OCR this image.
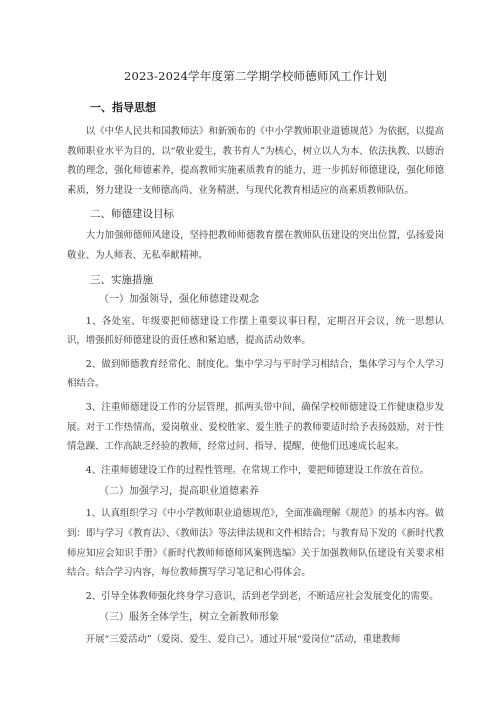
2023-2024学年度第二学期学校师德师风工作计划
一、指导思想

以《中华人民共和国教师法》和新颁布的《中小学教师职业道德规范》为依据，以提高教师职业水平为目的，以“敬业爱生，教书育人”为核心，树立以人为本、依法执教、以德治教的理念，强化师德素养，提高教师实施素质教育的能力，进一步抓好师德建设，强化师德素质，努力建设一支师德高尚、业务精湛、与现代化教育相适应的高素质教师队伍。

二、师德建设目标

大力加强师德师风建设，坚持把教师师德教育摆在教师队伍建设的突出位置，弘扬爱岗敬业、为人师表、无私奉献精神。

三、实施措施
（一）加强领导，强化师德建设观念

1、各处室、年级要把师德建设工作摆上重要议事日程，定期召开会议，统一思想认识，增强抓好师德建设的责任感和紧迫感，提高活动效率。

2、做到师德教育经常化、制度化。集中学习与平时学习相结合，集体学习与个人学习相结合。

3、注重师德建设工作的分层管理，抓两头带中间，确保学校师德建设工作健康稳步发展。对于工作热情高，爱岗敬业、爱校胜家、爱生胜子的教师要适时给予表扬鼓励，对于性情急躁、工作高缺乏经验的教师，经常过问、指导、提醒，使他们迅速成长起来。

4、注重师德建设工作的过程性管理。在常规工作中，要把师德建设工作放在首位。

（二）加强学习，提高职业道德素养

1、认真组织学习《中小学教师职业道德规范》，全面准确理解《规范》的基本内容。做到：即与学习《教育法》、《教师法》等法律法规和文件相结合；与教育局下发的《新时代教师应知应会知识手册》《新时代教师师德师风案例选编》关于加强教师队伍建设有关要求相结合。结合学习内容，每位教师撰写学习笔记和心得体会。

2、引导全体教师强化终身学习意识，活到老学到老，不断适应社会发展变化的需要。

（三）服务全体学生，树立全新教师形象

开展“三爱活动”（爱岗、爱生、爱自己）。通过开展“爱岗位”活动，重建教师
